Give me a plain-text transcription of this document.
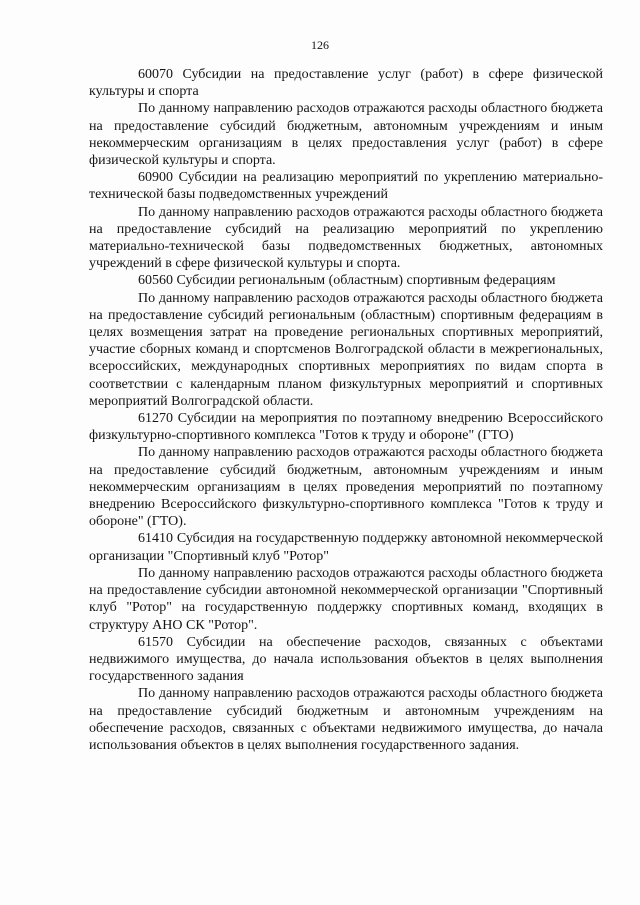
126

60070 Субсидии на предоставление услуг (работ) в сфере физической культуры и спорта

По данному направлению расходов отражаются расходы областного бюджета на предоставление субсидий бюджетным, автономным учреждениям и иным некоммерческим организациям в целях предоставления услуг (работ) в сфере физической культуры и спорта.

60900 Субсидии на реализацию мероприятий по укреплению материально-технической базы подведомственных учреждений

По данному направлению расходов отражаются расходы областного бюджета на предоставление субсидий на реализацию мероприятий по укреплению материально-технической базы подведомственных бюджетных, автономных учреждений в сфере физической культуры и спорта.

60560 Субсидии региональным (областным) спортивным федерациям

По данному направлению расходов отражаются расходы областного бюджета на предоставление субсидий региональным (областным) спортивным федерациям в целях возмещения затрат на проведение региональных спортивных мероприятий, участие сборных команд и спортсменов Волгоградской области в межрегиональных, всероссийских, международных спортивных мероприятиях по видам спорта в соответствии с календарным планом физкультурных мероприятий и спортивных мероприятий Волгоградской области.

61270 Субсидии на мероприятия по поэтапному внедрению Всероссийского физкультурно-спортивного комплекса "Готов к труду и обороне" (ГТО)

По данному направлению расходов отражаются расходы областного бюджета на предоставление субсидий бюджетным, автономным учреждениям и иным некоммерческим организациям в целях проведения мероприятий по поэтапному внедрению Всероссийского физкультурно-спортивного комплекса "Готов к труду и обороне" (ГТО).

61410 Субсидия на государственную поддержку автономной некоммерческой организации "Спортивный клуб "Ротор"

По данному направлению расходов отражаются расходы областного бюджета на предоставление субсидии автономной некоммерческой организации "Спортивный клуб "Ротор" на государственную поддержку спортивных команд, входящих в структуру АНО СК "Ротор".

61570 Субсидии на обеспечение расходов, связанных с объектами недвижимого имущества, до начала использования объектов в целях выполнения государственного задания

По данному направлению расходов отражаются расходы областного бюджета на предоставление субсидий бюджетным и автономным учреждениям на обеспечение расходов, связанных с объектами недвижимого имущества, до начала использования объектов в целях выполнения государственного задания.
